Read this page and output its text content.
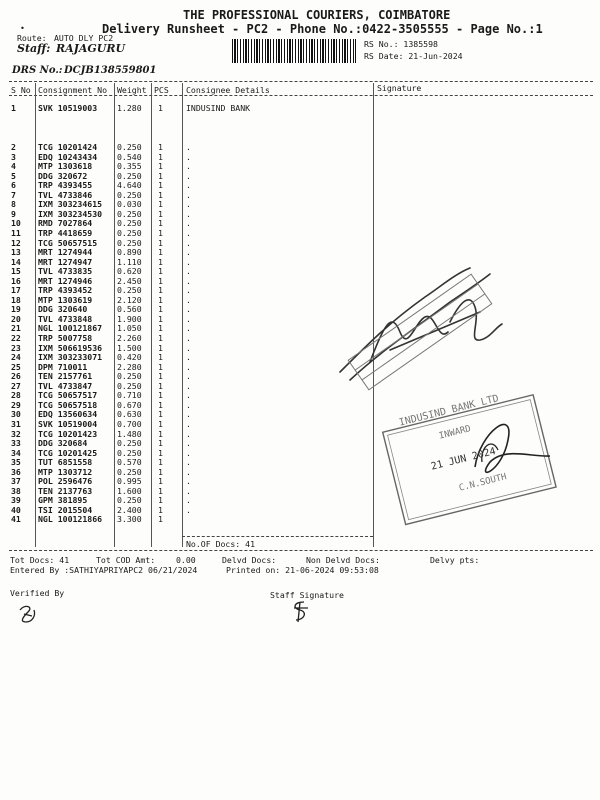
THE PROFESSIONAL COURIERS, COIMBATORE
•	Delivery Runsheet - PC2 - Phone No.:0422-3505555 - Page No.:1
Route: AUTO DLY PC2
Staff: RAJAGURU	RS No.: 1385598
RS Date: 21-Jun-2024
DRS No.: DCJB138559801
S No Consignment No Weight PCS Consignee Details	Signature
1	SVK 10519003 1.280 1	INDUSIND BANK
2	TCG 10201424 0.250 1	.
3	EDQ 10243434 0.540 1	.
4	MTP 1303618	0.355 1	.
5	DDG 320672	0.250 1	.
6	TRP 4393455	4.640 1	.
7	TVL 4733846	0.250 1	.
8	IXM 303234615 0.030 1	.
9	IXM 303234530 0.250 1	.
10 RMD 7027864	0.250 1	.
11 TRP 4418659	0.250 1	.
12 TCG 50657515 0.250 1	.
13 MRT 1274944	0.890 1	.
14 MRT 1274947	1.110 1	.
15 TVL 4733835	0.620 1	.
16 MRT 1274946	2.450 1	.
17 TRP 4393452	0.250 1	.
18 MTP 1303619	2.120 1	.
19 DDG 320640	0.560 1	.
20 TVL 4733848	1.900 1	.
21 NGL 100121867 1.050 1	.
22 TRP 5007758	2.260 1	.
23 IXM 506619536 1.500 1	.
24 IXM 303233071 0.420 1	.
25 DPM 710011	2.280 1	.
26 TEN 2157761	0.250 1	.
27 TVL 4733847	0.250 1	.
28 TCG 50657517 0.710 1	.
29 TCG 50657518 0.670 1	.
30 EDQ 13560634 0.630 1	.
31 SVK 10519004 0.700 1	.
32 TCG 10201423 1.480 1	.
33 DDG 320684	0.250 1	.
34 TCG 10201425 0.250 1	.
35 TUT 6851558	0.570 1	.
36 MTP 1303712	0.250 1	.
37 POL 2596476	0.995 1	.
38 TEN 2137763	1.600 1	.
39 GPM 381895	0.250 1	.
40 TSI 2015504	2.400 1	.
41 NGL 100121866 3.300 1
No.OF Docs: 41
Tot Docs: 41	Tot COD Amt:	0.00	Delvd Docs:	Non Delvd Docs:	Delvy pts:
Entered By :SATHIYAPRIYAPC2 06/21/2024	Printed on: 21-06-2024 09:53:08
Verified By	Staff Signature
INDUSIND BANK LTD
INWARD
21 JUN 2024
C.N.SOUTH
